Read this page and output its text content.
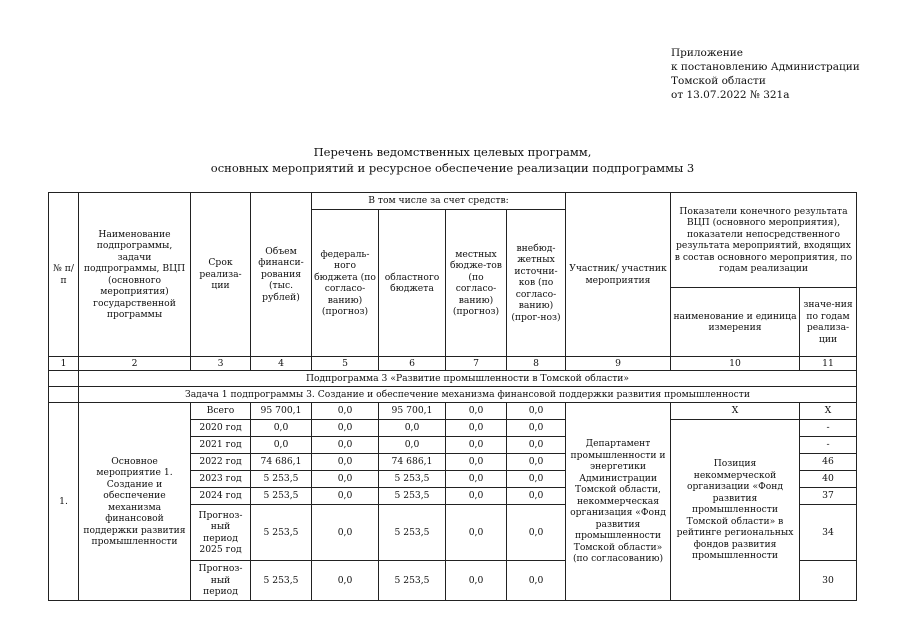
Приложение
к постановлению Администрации
Томской области
от 13.07.2022 № 321а
Перечень ведомственных целевых программ,
основных мероприятий и ресурсное обеспечение реализации подпрограммы 3
№ п/п	Наименование подпрограммы, задачи подпрограммы, ВЦП (основного мероприятия) государственной программы	Срок реализа-ции	Объем финанси-рования (тыс. рублей)	В том числе за счет средств:				Участник/ участник мероприятия	Показатели конечного результата ВЦП (основного мероприятия), показатели непосредственного результата мероприятий, входящих в состав основного мероприятия, по годам реализации	
				федераль-ного бюджета (по согласо-ванию) (прогноз)	областного бюджета	местных бюдже-тов (по согласо-ванию) (прогноз)	внебюд-жетных источни-ков (по согласо-ванию) (прог-ноз)			
									наименование и единица измерения	значе-ния по годам реализа-ции
1	2	3	4	5	6	7	8	9	10	11
	Подпрограмма 3 «Развитие промышленности в Томской области»									
	Задача 1 подпрограммы 3. Создание и обеспечение механизма финансовой поддержки развития промышленности									
1.	Основное мероприятие 1. Создание и обеспечение механизма финансовой поддержки развития промышленности	Всего	95 700,1	0,0	95 700,1	0,0	0,0	Департамент промышленности и энергетики Администрации Томской области, некоммерческая организация «Фонд развития промышленности Томской области» (по согласованию)	Х	Х
		2020 год	0,0	0,0	0,0	0,0	0,0		Позиция некоммерческой организации «Фонд развития промышленности Томской области» в рейтинге региональных фондов развития промышленности	-
		2021 год	0,0	0,0	0,0	0,0	0,0			-
		2022 год	74 686,1	0,0	74 686,1	0,0	0,0			46
		2023 год	5 253,5	0,0	5 253,5	0,0	0,0			40
		2024 год	5 253,5	0,0	5 253,5	0,0	0,0			37
		Прогноз-ный период 2025 год	5 253,5	0,0	5 253,5	0,0	0,0			34
		Прогноз-ный период	5 253,5	0,0	5 253,5	0,0	0,0			30
